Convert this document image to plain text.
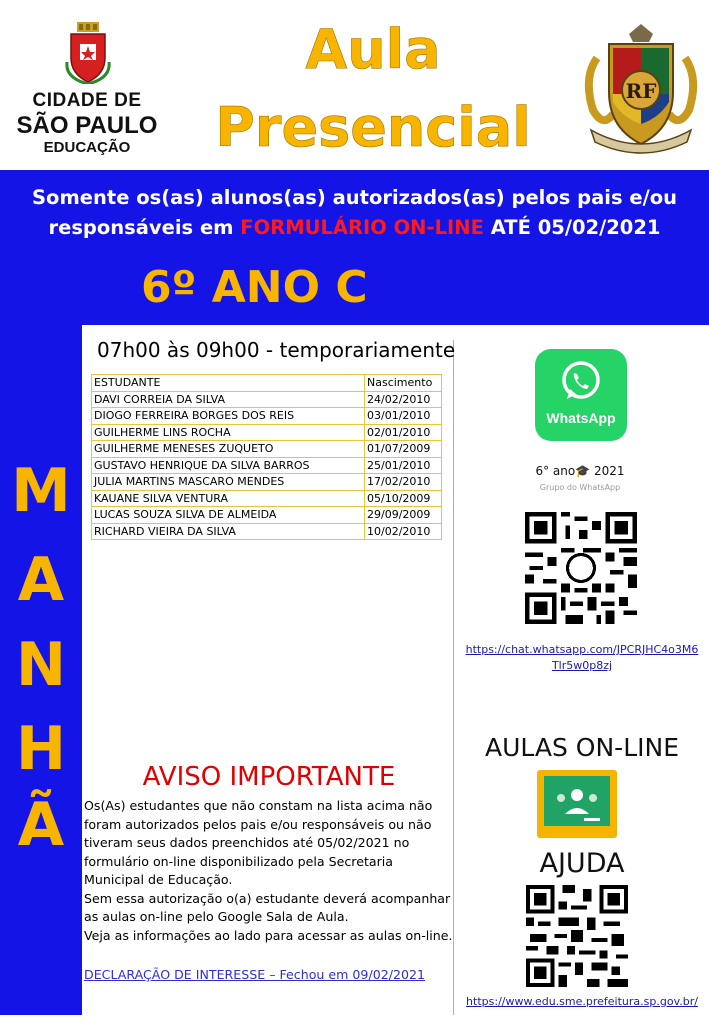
CIDADE DE
SÃO PAULO
EDUCAÇÃO
Aula
Presencial
RF
Somente os(as) alunos(as) autorizados(as) pelos pais e/ou
responsáveis em FORMULÁRIO ON-LINE ATÉ 05/02/2021
6º ANO C
M
A
N
H
Ã
07h00 às 09h00 - temporariamente
ESTUDANTE	Nascimento
DAVI CORREIA DA SILVA	24/02/2010
DIOGO FERREIRA BORGES DOS REIS	03/01/2010
GUILHERME LINS ROCHA	02/01/2010
GUILHERME MENESES ZUQUETO	01/07/2009
GUSTAVO HENRIQUE DA SILVA BARROS	25/01/2010
JULIA MARTINS MASCARO MENDES	17/02/2010
KAUANE SILVA VENTURA	05/10/2009
LUCAS SOUZA SILVA DE ALMEIDA	29/09/2009
RICHARD VIEIRA DA SILVA	10/02/2010
AVISO IMPORTANTE
Os(As) estudantes que não constam na lista acima não
foram autorizados pelos pais e/ou responsáveis ou não
tiveram seus dados preenchidos até 05/02/2021 no
formulário on-line disponibilizado pela Secretaria
Municipal de Educação.
Sem essa autorização o(a) estudante deverá acompanhar
as aulas on-line pelo Google Sala de Aula.
Veja as informações ao lado para acessar as aulas on-line.
DECLARAÇÃO DE INTERESSE – Fechou em 09/02/2021
WhatsApp
6° ano🎓 2021
Grupo do WhatsApp
https://chat.whatsapp.com/JPCRJHC4o3M6
Tlr5w0p8zj
AULAS ON-LINE
AJUDA
https://www.edu.sme.prefeitura.sp.gov.br/
